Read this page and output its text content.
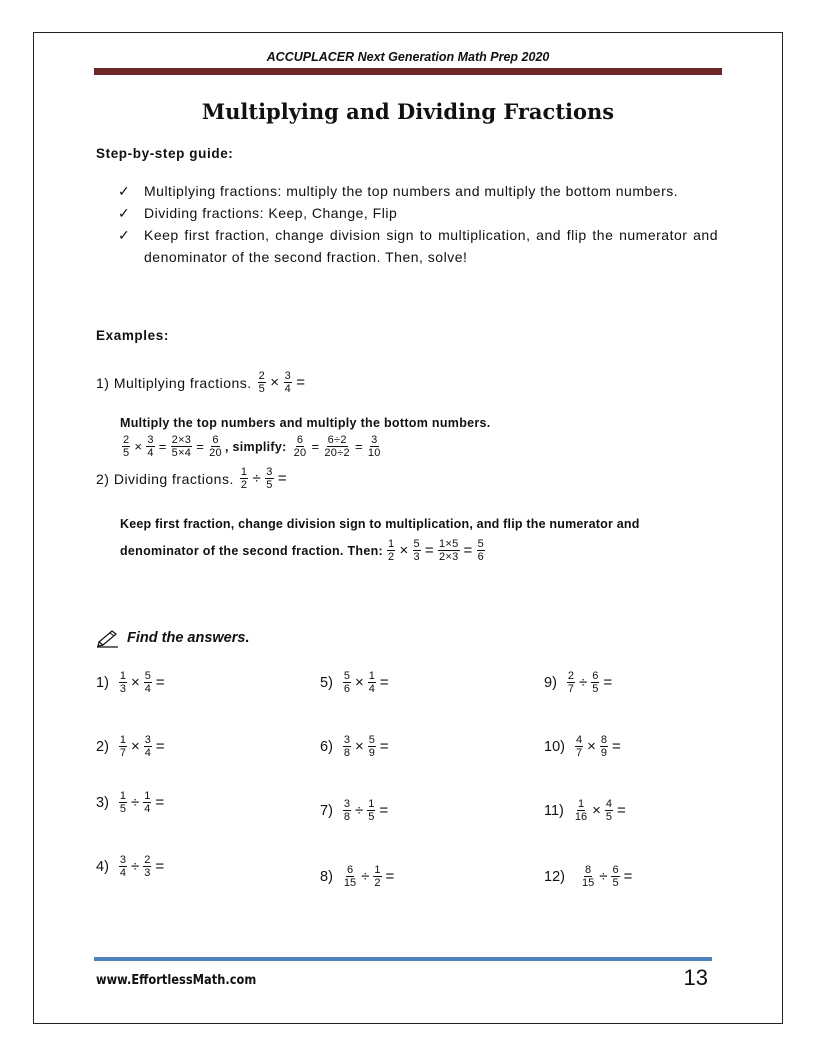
ACCUPLACER Next Generation Math Prep 2020
Multiplying and Dividing Fractions
Step-by-step guide:
✓ Multiplying fractions: multiply the top numbers and multiply the bottom numbers.
✓ Dividing fractions: Keep, Change, Flip
✓ Keep first fraction, change division sign to multiplication, and flip the numerator and denominator of the second fraction. Then, solve!
Examples:
1) Multiplying fractions. $\frac{2}{5} \times \frac{3}{4}$ =
Multiply the top numbers and multiply the bottom numbers.
$\frac{2}{5} \times \frac{3}{4} = \frac{2\times 3}{5\times 4} = \frac{6}{20}$ , simplify: $\frac{6}{20} = \frac{6\div 2}{20\div 2} = \frac{3}{10}$
2) Dividing fractions. $\frac{1}{2} \div \frac{3}{5}$ =
Keep first fraction, change division sign to multiplication, and flip the numerator and
denominator of the second fraction. Then: $\frac{1}{2} \times \frac{5}{3} = \frac{1\times 5}{2\times 3} = \frac{5}{6}$
Find the answers.
$1) \frac{1}{3} \times \frac{5}{4}$ =
$2) \frac{1}{7} \times \frac{3}{4}$ =
$3) \frac{1}{5} \div \frac{1}{4}$ =
$4) \frac{3}{4} \div \frac{2}{3}$ =
$5) \frac{5}{6} \times \frac{1}{4}$ =
$6) \frac{3}{8} \times \frac{5}{9}$ =
$7) \frac{3}{8} \div \frac{1}{5}$ =
$8) \frac{6}{15} \div \frac{1}{2}$ =
$9) \frac{2}{7} \div \frac{6}{5}$ =
$10) \frac{4}{7} \times \frac{8}{9}$ =
$11) \frac{1}{16} \times \frac{4}{5}$ =
$12) \frac{8}{15} \div \frac{6}{5}$ =
www.EffortlessMath.com	13
